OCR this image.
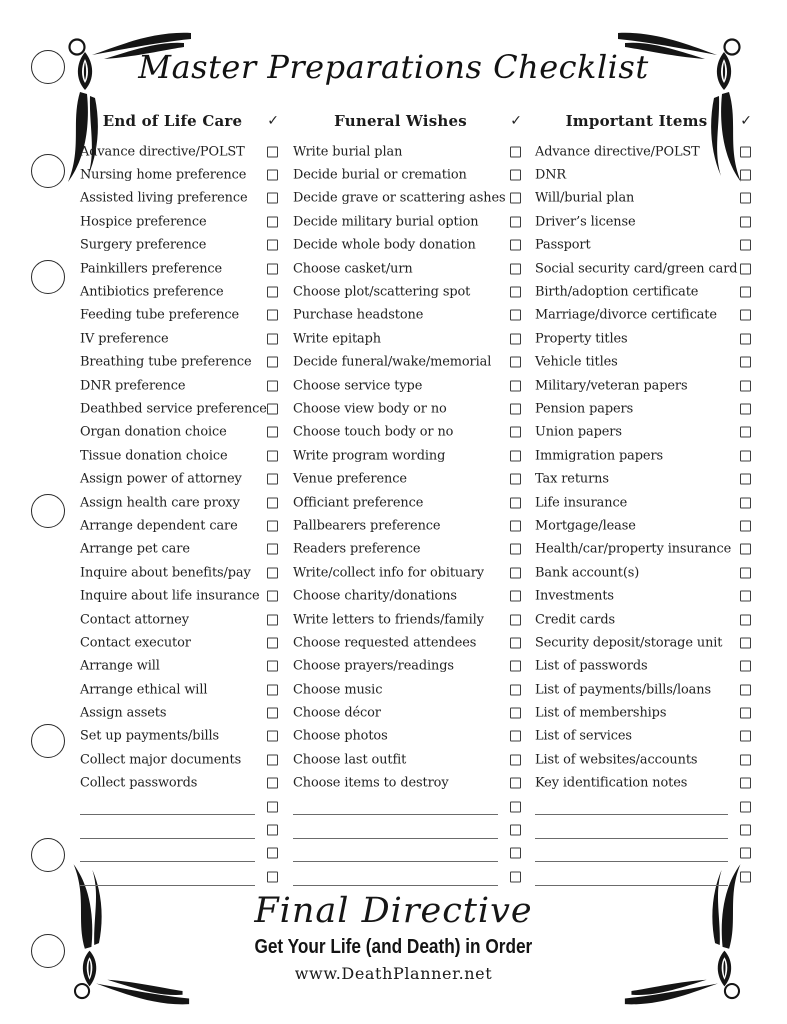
Master Preparations Checklist
End of Life Care	✓
Advance directive/POLST
Nursing home preference
Assisted living preference
Hospice preference
Surgery preference
Painkillers preference
Antibiotics preference
Feeding tube preference
IV preference
Breathing tube preference
DNR preference
Deathbed service preference
Organ donation choice
Tissue donation choice
Assign power of attorney
Assign health care proxy
Arrange dependent care
Arrange pet care
Inquire about benefits/pay
Inquire about life insurance
Contact attorney
Contact executor
Arrange will
Arrange ethical will
Assign assets
Set up payments/bills
Collect major documents
Collect passwords
Funeral Wishes	✓
Write burial plan
Decide burial or cremation
Decide grave or scattering ashes
Decide military burial option
Decide whole body donation
Choose casket/urn
Choose plot/scattering spot
Purchase headstone
Write epitaph
Decide funeral/wake/memorial
Choose service type
Choose view body or no
Choose touch body or no
Write program wording
Venue preference
Officiant preference
Pallbearers preference
Readers preference
Write/collect info for obituary
Choose charity/donations
Write letters to friends/family
Choose requested attendees
Choose prayers/readings
Choose music
Choose décor
Choose photos
Choose last outfit
Choose items to destroy
Important Items	✓
Advance directive/POLST
DNR
Will/burial plan
Driver’s license
Passport
Social security card/green card
Birth/adoption certificate
Marriage/divorce certificate
Property titles
Vehicle titles
Military/veteran papers
Pension papers
Union papers
Immigration papers
Tax returns
Life insurance
Mortgage/lease
Health/car/property insurance
Bank account(s)
Investments
Credit cards
Security deposit/storage unit
List of passwords
List of payments/bills/loans
List of memberships
List of services
List of websites/accounts
Key identification notes
Final Directive
Get Your Life (and Death) in Order
www.DeathPlanner.net
